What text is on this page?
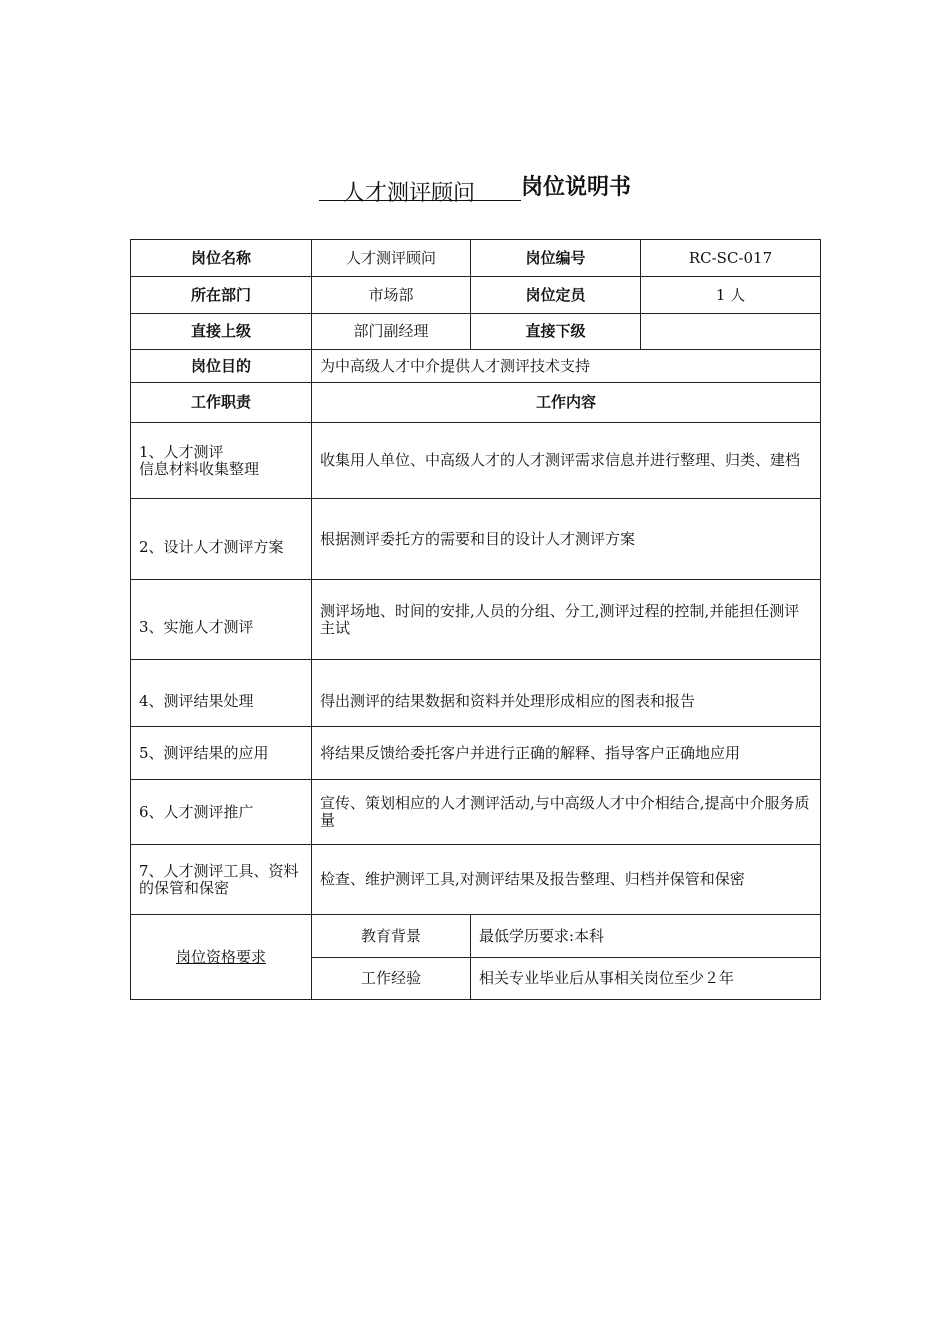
人才测评顾问 岗位说明书
岗位名称	人才测评顾问	岗位编号	RC-SC-017
所在部门	市场部	岗位定员	1 人
直接上级	部门副经理	直接下级	
岗位目的	为中高级人才中介提供人才测评技术支持		
工作职责	工作内容		
1、人才测评
信息材料收集整理	收集用人单位、中高级人才的人才测评需求信息并进行整理、归类、建档		
2、设计人才测评方案	根据测评委托方的需要和目的设计人才测评方案		
3、实施人才测评	测评场地、时间的安排,人员的分组、分工,测评过程的控制,并能担任测评主试		
4、测评结果处理	得出测评的结果数据和资料并处理形成相应的图表和报告		
5、测评结果的应用	将结果反馈给委托客户并进行正确的解释、指导客户正确地应用		
6、人才测评推广	宣传、策划相应的人才测评活动,与中高级人才中介相结合,提高中介服务质量		
7、人才测评工具、资料的保管和保密	检查、维护测评工具,对测评结果及报告整理、归档并保管和保密		
岗位资格要求	教育背景	最低学历要求:本科	
	工作经验	相关专业毕业后从事相关岗位至少２年	
